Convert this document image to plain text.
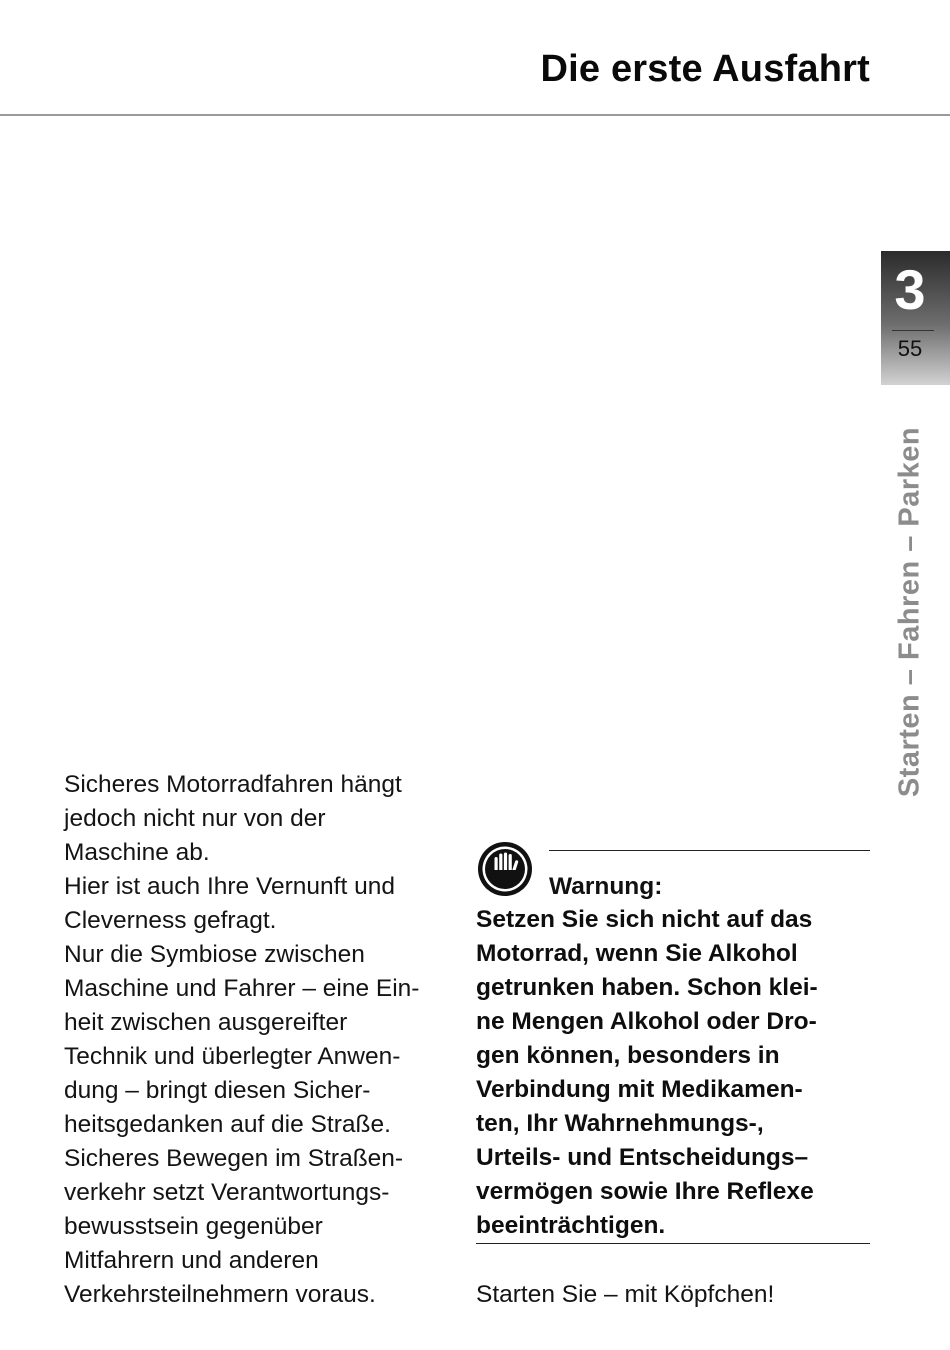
Die erste Ausfahrt
3
55
Starten – Fahren – Parken

Sicheres Motorradfahren hängt

jedoch nicht nur von der

Maschine ab.

Hier ist auch Ihre Vernunft und

Cleverness gefragt.

Nur die Symbiose zwischen

Maschine und Fahrer – eine Ein-

heit zwischen ausgereifter

Technik und überlegter Anwen-

dung – bringt diesen Sicher-

heitsgedanken auf die Straße.

Sicheres Bewegen im Straßen-

verkehr setzt Verantwortungs-

bewusstsein gegenüber

Mitfahrern und anderen

Verkehrsteilnehmern voraus.

Warnung:
Setzen Sie sich nicht auf das
Motorrad, wenn Sie Alkohol
getrunken haben. Schon klei-
ne Mengen Alkohol oder Dro-
gen können, besonders in
Verbindung mit Medikamen-
ten, Ihr Wahrnehmungs-,
Urteils- und Entscheidungs–
vermögen sowie Ihre Reflexe
beeinträchtigen.
Starten Sie – mit Köpfchen!
